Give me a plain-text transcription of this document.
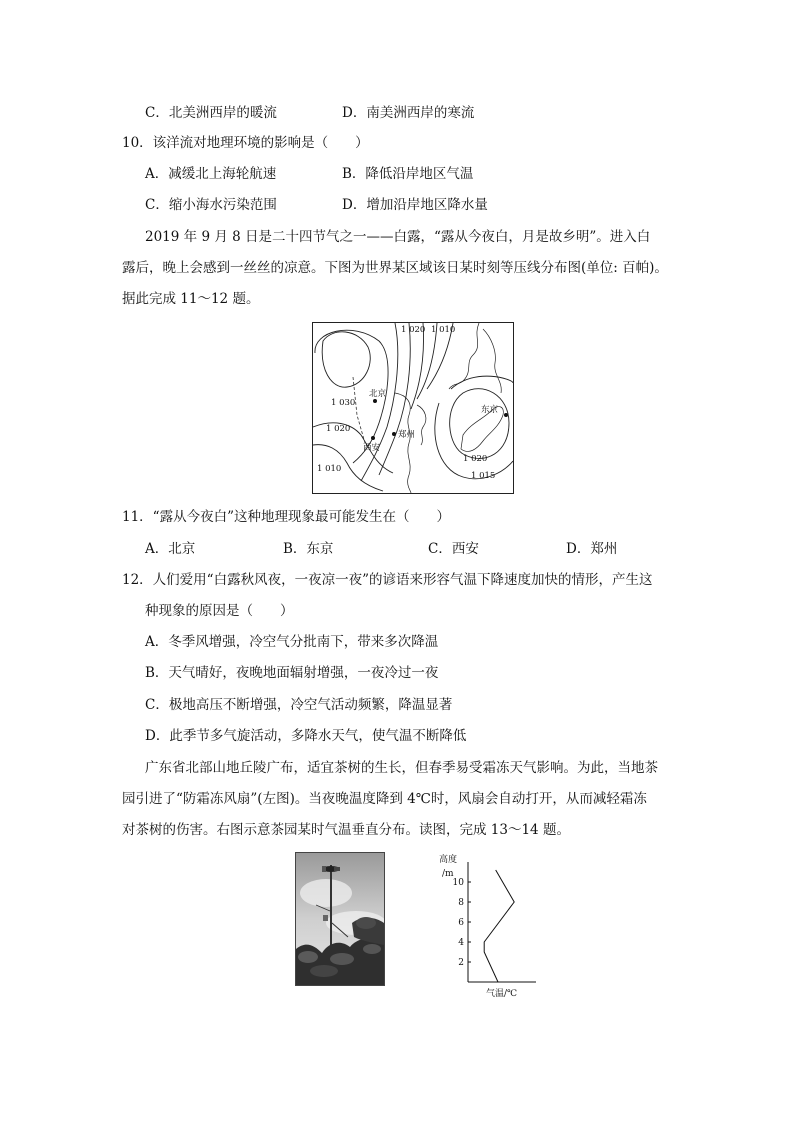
C．北美洲西岸的暖流	D．南美洲西岸的寒流
10．该洋流对地理环境的影响是（　　）
A．减缓北上海轮航速	B．降低沿岸地区气温
C．缩小海水污染范围	D．增加沿岸地区降水量
2019 年 9 月 8 日是二十四节气之一——白露，“露从今夜白，月是故乡明”。进入白
露后，晚上会感到一丝丝的凉意。下图为世界某区域该日某时刻等压线分布图(单位: 百帕)。
据此完成 11～12 题。
1 020 1 010
1 030
1 020
1 010
1 020
1 015
北京
东京
西安
郑州
11．“露从今夜白”这种地理现象最可能发生在（　　）
A．北京	B．东京	C．西安	D．郑州
12．人们爱用“白露秋风夜，一夜凉一夜”的谚语来形容气温下降速度加快的情形，产生这
种现象的原因是（　　）
A．冬季风增强，冷空气分批南下，带来多次降温
B．天气晴好，夜晚地面辐射增强，一夜冷过一夜
C．极地高压不断增强，冷空气活动频繁，降温显著
D．此季节多气旋活动，多降水天气，使气温不断降低
广东省北部山地丘陵广布，适宜茶树的生长，但春季易受霜冻天气影响。为此，当地茶
园引进了“防霜冻风扇”(左图)。当夜晚温度降到 4℃时，风扇会自动打开，从而减轻霜冻
对茶树的伤害。右图示意茶园某时气温垂直分布。读图，完成 13～14 题。
高度
/m
气温/℃
2
4
6
8
10
